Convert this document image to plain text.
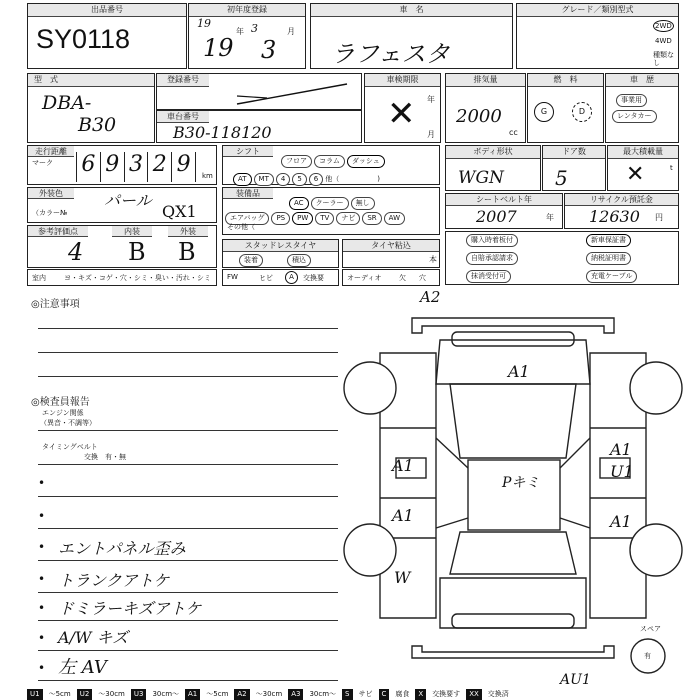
出品番号
SY0118
初年度登録
19
年 3	月
19 3
車　名
ラフェスタ
グレード／類別型式
2WD
4WD
種類なし
型　式
DBA-
B30
登録番号
車台番号
B30-118120
車検期限
✕ 年
月
排気量
2000
cc
燃　料
G	D
車　歴
事業用
レンタカー
走行距離
マーク 6 9 3 2 9	km
シフト
フロア コラム ダッシュ
AT MT 4 5 6 他（	)
ボディ形状
WGN
ドア数
5
最大積載量
✕	t
外装色
（カラー№
パール
QX1
装備品
AC クーラー 無し
エアバッグ PS PW TV ナビ SR AW
その他（
シートベルト年
2007	年
リサイクル預託金
12630 円
参考評価点	内装	外装
4 B B	スタッドレスタイヤ
装着	積込
タイヤ粘込
本
購入時着板付
自賠承認請求
抹消受付可
新車保証書
納税証明書
充電ケーブル
室内	ヨ・キズ・コゲ・穴・シミ・臭い・汚れ・シミ FW	ヒビ	A	交換要	オーディオ	欠 穴
◎注意事項
◎検査員報告
エンジン関係
（異音・不調等）
タイミングベルト
交換　有・無
•
•
• エントパネル歪み
• トランクアトケ
• ドミラーキズアトケ
• A/W キズ
• 左 AV
A2
A1
A1
A1
W
Pキミ
A1
U1
A1
スペア
有
AU1
U1	～5cm	U2	～30cm	U3	30cm～	A1	～5cm	A2	～30cm	A3	30cm～	S	サビ	C	腐食	X	交換要す	XX	交換済
